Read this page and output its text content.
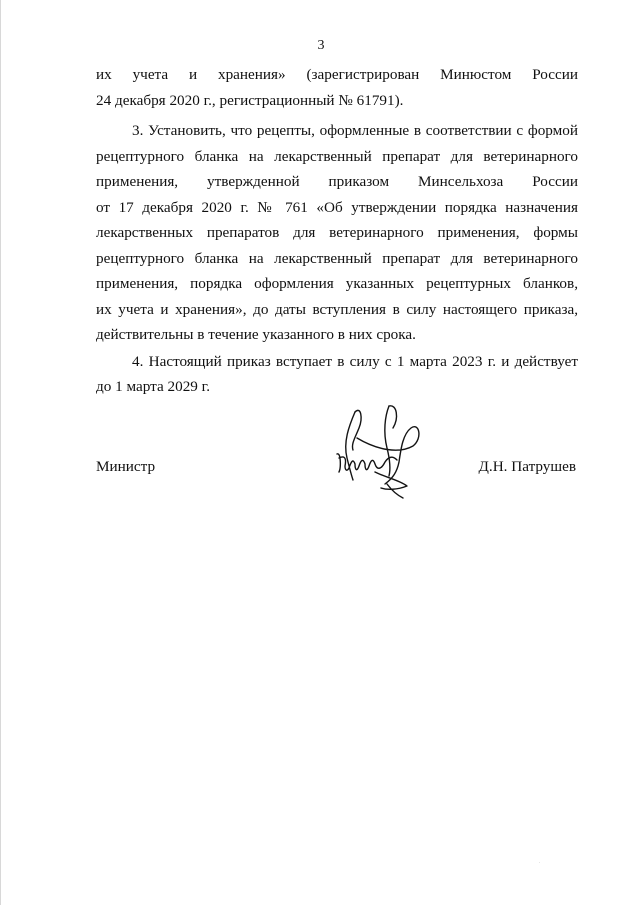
3
их учета и хранения» (зарегистрирован Минюстом России
24 декабря 2020 г., регистрационный № 61791).
3. Установить, что рецепты, оформленные в соответствии с формой
рецептурного бланка на лекарственный препарат для ветеринарного
применения, утвержденной приказом Минсельхоза России
от 17 декабря 2020 г. № 761 «Об утверждении порядка назначения
лекарственных препаратов для ветеринарного применения, формы
рецептурного бланка на лекарственный препарат для ветеринарного
применения, порядка оформления указанных рецептурных бланков,
их учета и хранения», до даты вступления в силу настоящего приказа,
действительны в течение указанного в них срока.
4. Настоящий приказ вступает в силу с 1 марта 2023 г. и действует
до 1 марта 2029 г.
Министр	Д.Н. Патрушев
